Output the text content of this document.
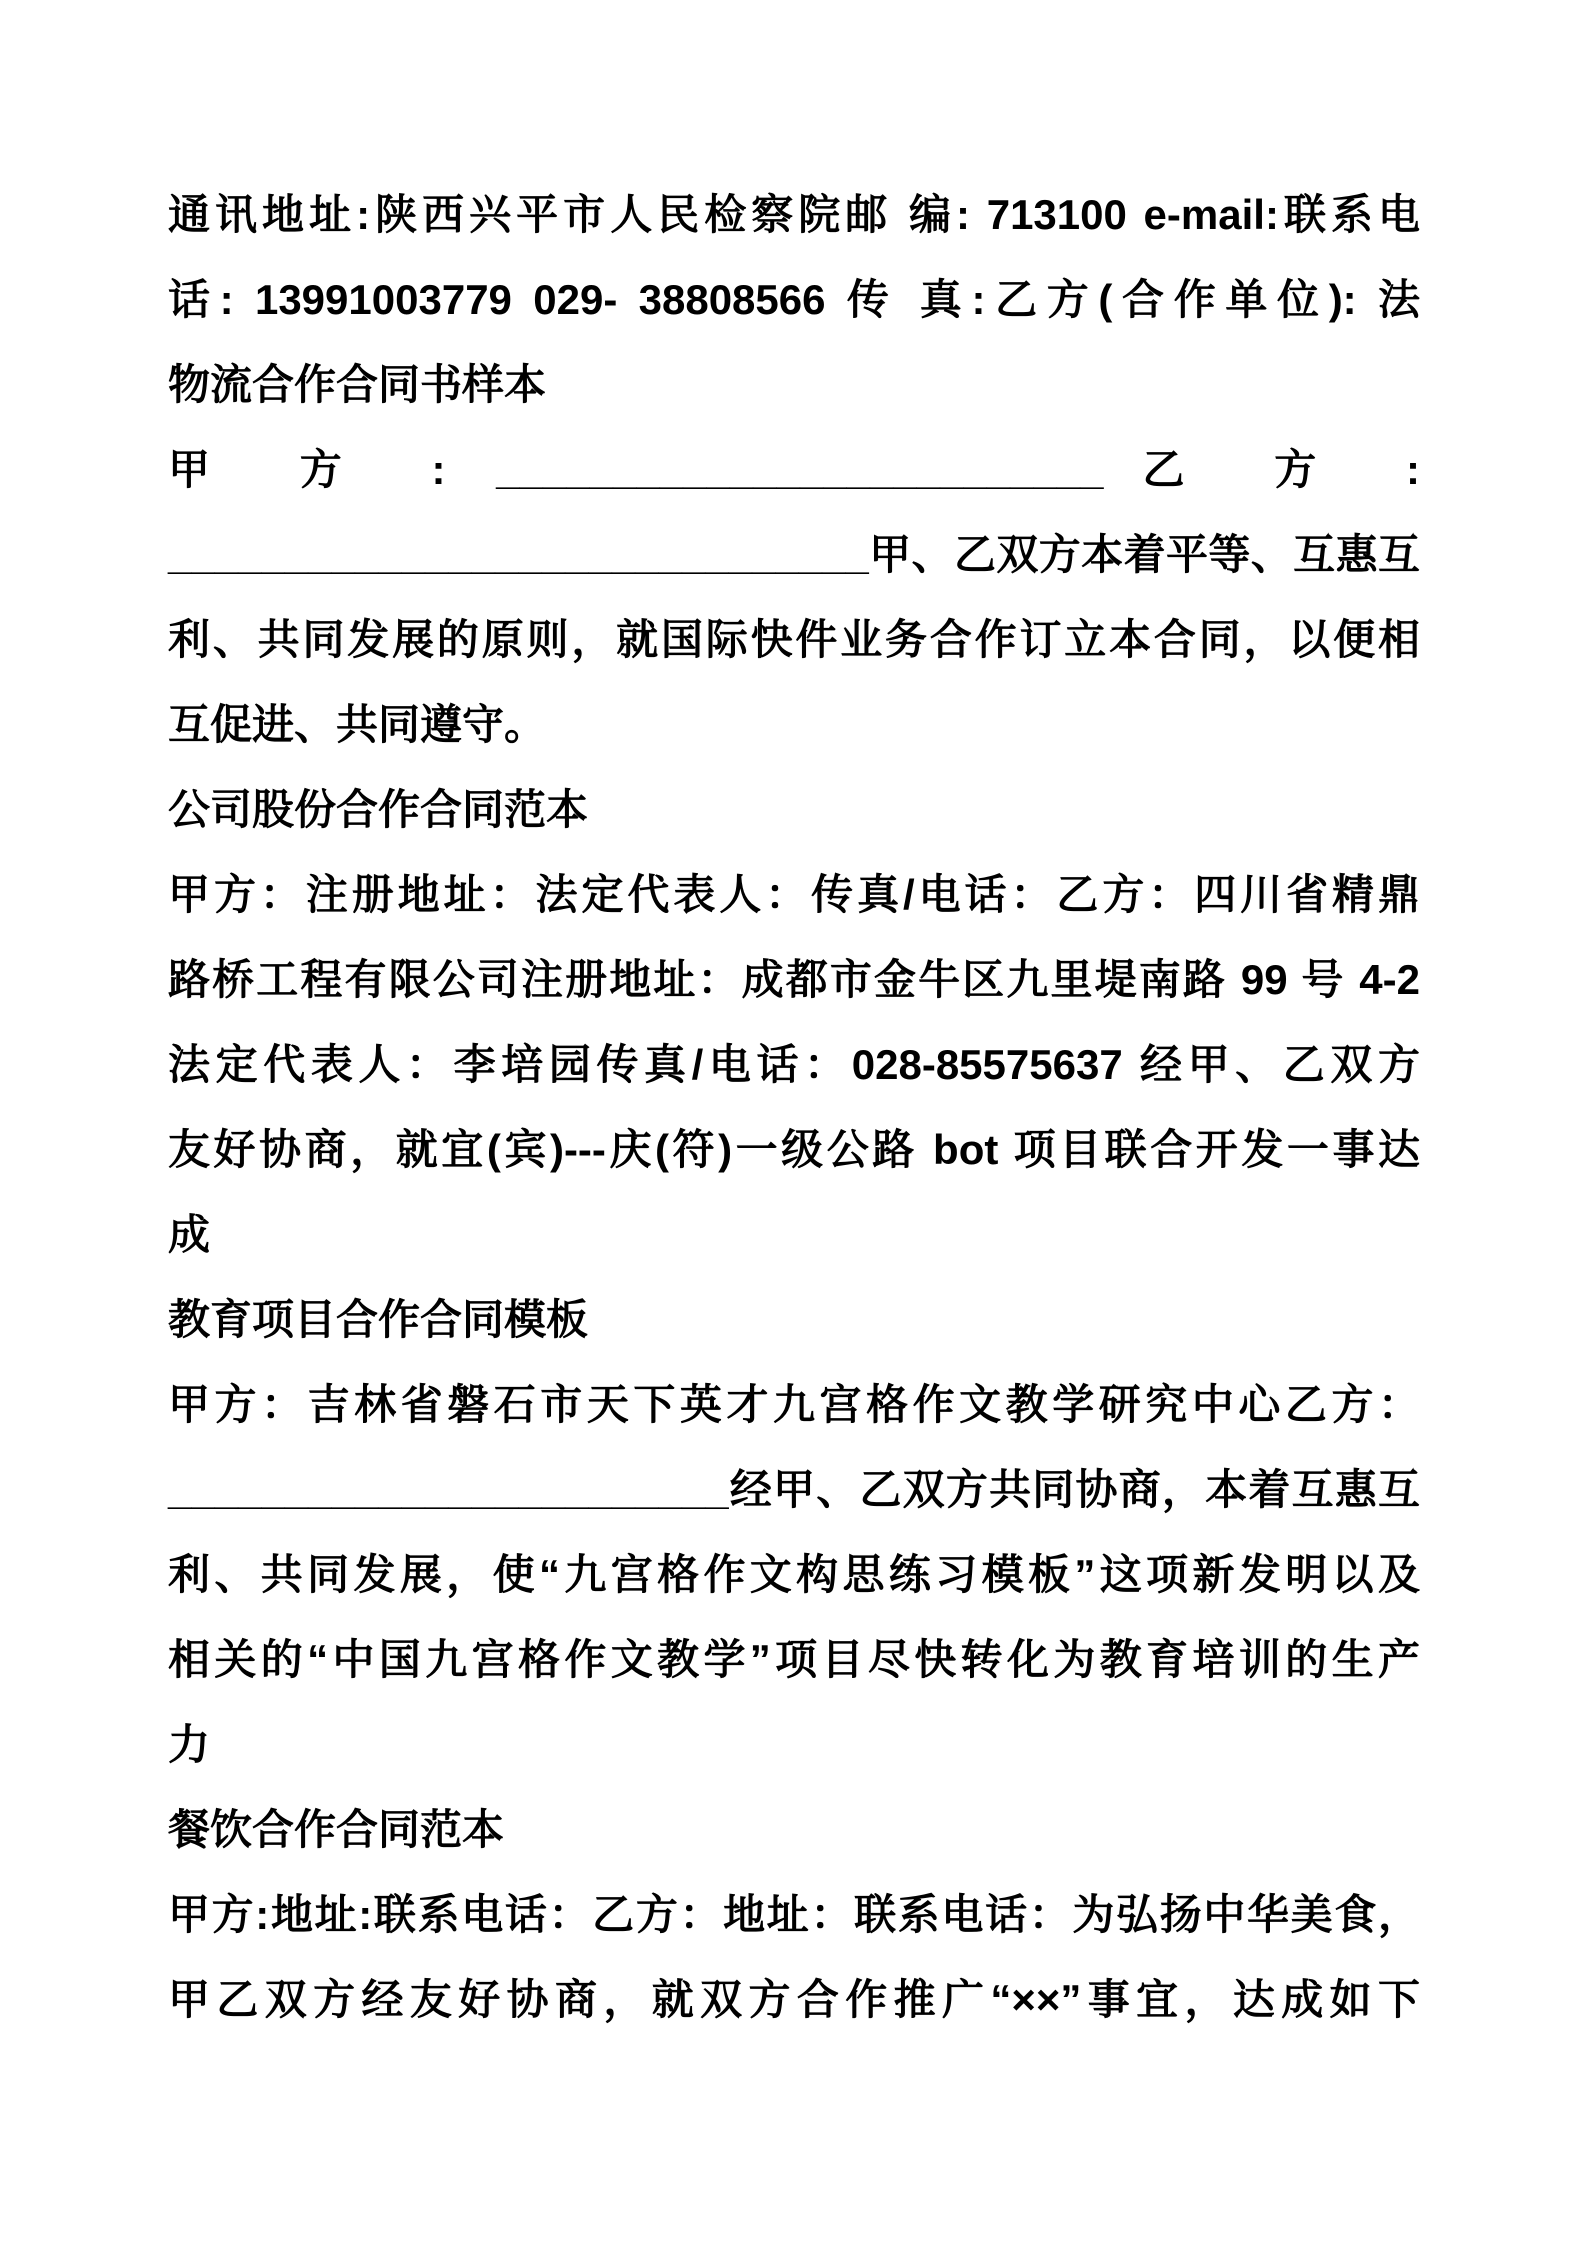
通讯地址:陕西兴平市人民检察院邮 编: 713100 e-mail:联系电
话: 13991003779 029- 38808566 传 真:乙方(合作单位): 法
物流合作合同书样本
甲 方 : __________________________乙 方 :
______________________________甲、乙双方本着平等、互惠互
利、共同发展的原则，就国际快件业务合作订立本合同，以便相
互促进、共同遵守。
公司股份合作合同范本
甲方：注册地址：法定代表人：传真/电话：乙方：四川省精鼎
路桥工程有限公司注册地址：成都市金牛区九里堤南路 99 号 4-2
法定代表人：李培园传真/电话：028-85575637 经甲、乙双方
友好协商，就宜(宾)---庆(符)一级公路 bot 项目联合开发一事达
成
教育项目合作合同模板
甲方：吉林省磐石市天下英才九宫格作文教学研究中心乙方：
________________________经甲、乙双方共同协商，本着互惠互
利、共同发展，使“九宫格作文构思练习模板”这项新发明以及
相关的“中国九宫格作文教学”项目尽快转化为教育培训的生产
力
餐饮合作合同范本
甲方:地址:联系电话：乙方：地址：联系电话：为弘扬中华美食，
甲乙双方经友好协商，就双方合作推广“××”事宜，达成如下
